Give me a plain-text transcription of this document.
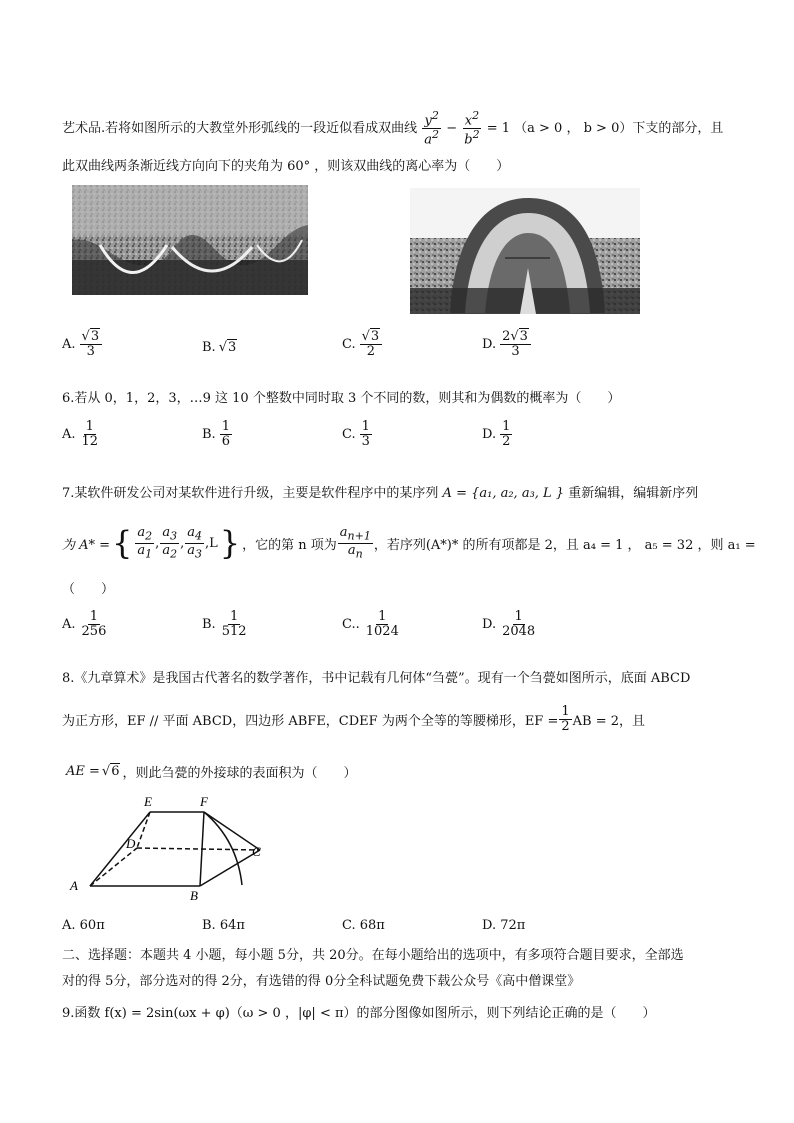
艺术品.若将如图所示的大教堂外形弧线的一段近似看成双曲线 $\frac{y^2}{a^2} - \frac{x^2}{b^2} = 1$ （a > 0 ， b > 0）下支的部分，且
此双曲线两条渐近线方向向下的夹角为 60° ，则该双曲线的离心率为（　　）
A. $\frac{√3}{3}$	B. √3	C. $\frac{√3}{2}$	D. $\frac{2√3}{3}$
6.若从 0，1，2，3，…9 这 10 个整数中同时取 3 个不同的数，则其和为偶数的概率为（　　）
A. $\frac{1}{12}$	B. $\frac{1}{6}$	C. $\frac{1}{3}$	D. $\frac{1}{2}$
7.某软件研发公司对某软件进行升级，主要是软件程序中的某序列 A = {a₁, a₂, a₃, L } 重新编辑，编辑新序列
为 A* = { $\frac{a_2}{a_1}$ , $\frac{a_3}{a_2}$ , $\frac{a_4}{a_3} ,L$ } ，它的第 n 项为 $\frac{a_{n+1}}{a_n}$ ，若序列(A*)* 的所有项都是 2，且 a₄ = 1 ， a₅ = 32 ，则 a₁ =
（　　）
A. $\frac{1}{256}$	B. $\frac{1}{512}$	C.. $\frac{1}{1024}$	D. $\frac{1}{2048}$
8.《九章算术》是我国古代著名的数学著作，书中记载有几何体“刍甍”。现有一个刍甍如图所示，底面 ABCD
为正方形，EF // 平面 ABCD，四边形 ABFE，CDEF 为两个全等的等腰梯形，EF = $\frac{1}{2}$ AB = 2，且
AE = √6 ，则此刍甍的外接球的表面积为（　　）
E	F
D
C
A
B
A. 60π	B. 64π	C. 68π	D. 72π
二、选择题：本题共 4 小题，每小题 5分，共 20分。在每小题给出的选项中，有多项符合题目要求，全部选
对的得 5分，部分选对的得 2分，有选错的得 0分全科试题免费下载公众号《高中僧课堂》
9.函数 f(x) = 2sin(ωx + φ)（ω > 0 ，|φ| < π）的部分图像如图所示，则下列结论正确的是（　　）
